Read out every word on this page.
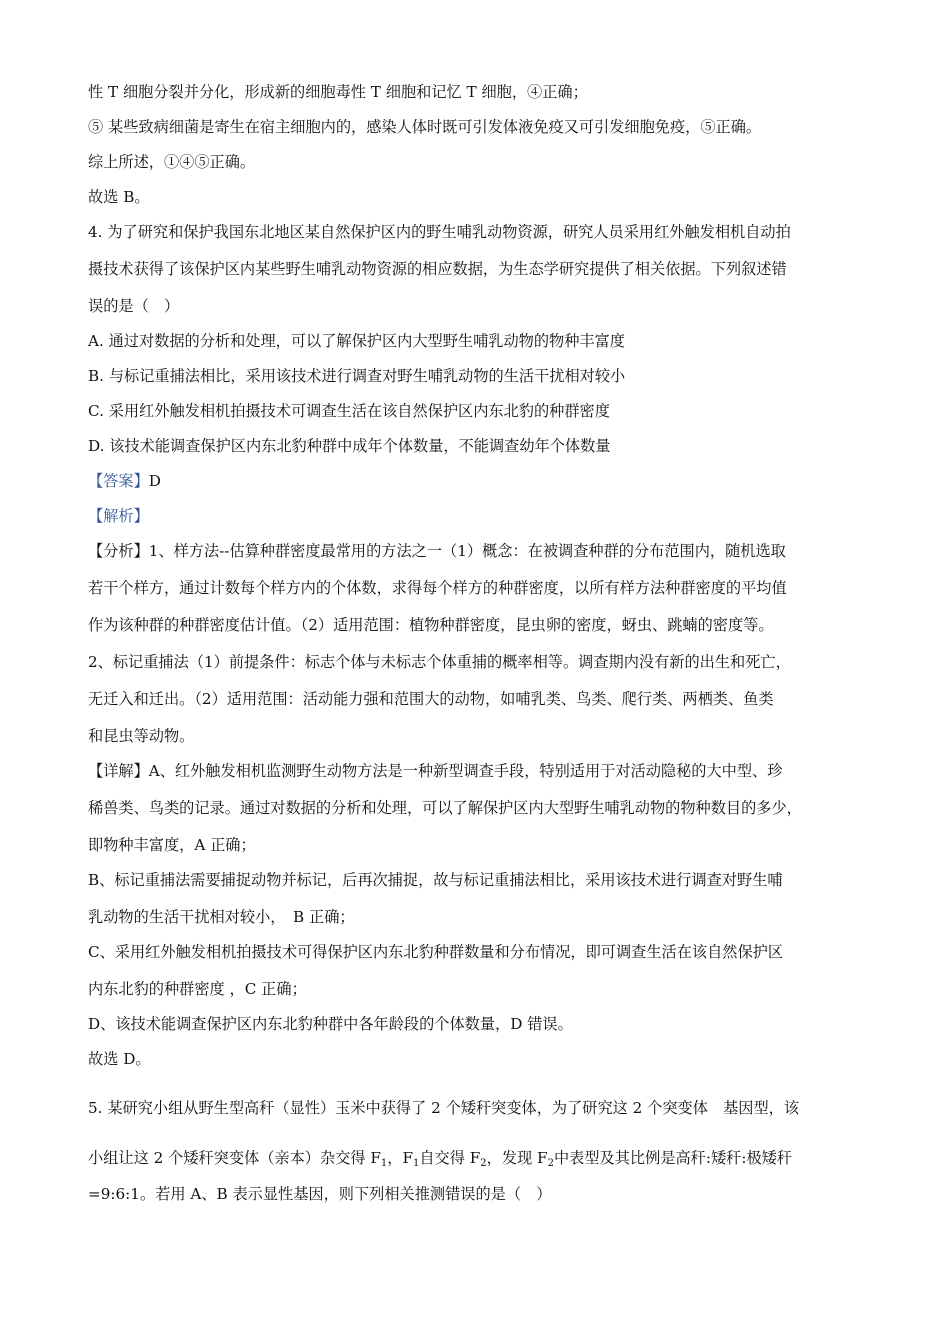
性 T 细胞分裂并分化，形成新的细胞毒性 T 细胞和记忆 T 细胞，④正确；
⑤ 某些致病细菌是寄生在宿主细胞内的，感染人体时既可引发体液免疫又可引发细胞免疫，⑤正确。
综上所述，①④⑤正确。
故选 B。
4. 为了研究和保护我国东北地区某自然保护区内的野生哺乳动物资源，研究人员采用红外触发相机自动拍
摄技术获得了该保护区内某些野生哺乳动物资源的相应数据，为生态学研究提供了相关依据。下列叙述错
误的是（　）
A. 通过对数据的分析和处理，可以了解保护区内大型野生哺乳动物的物种丰富度
B. 与标记重捕法相比，采用该技术进行调查对野生哺乳动物的生活干扰相对较小
C. 采用红外触发相机拍摄技术可调查生活在该自然保护区内东北豹的种群密度
D. 该技术能调查保护区内东北豹种群中成年个体数量，不能调查幼年个体数量
【答案】D
【解析】
【分析】1、样方法--估算种群密度最常用的方法之一（1）概念：在被调查种群的分布范围内，随机选取
若干个样方，通过计数每个样方内的个体数，求得每个样方的种群密度，以所有样方法种群密度的平均值
作为该种群的种群密度估计值。（2）适用范围：植物种群密度，昆虫卵的密度，蚜虫、跳蝻的密度等。
2、标记重捕法（1）前提条件：标志个体与未标志个体重捕的概率相等。调查期内没有新的出生和死亡，
无迁入和迁出。（2）适用范围：活动能力强和范围大的动物，如哺乳类、鸟类、爬行类、两栖类、鱼类
和昆虫等动物。
【详解】A、红外触发相机监测野生动物方法是一种新型调查手段，特别适用于对活动隐秘的大中型、珍
稀兽类、鸟类的记录。通过对数据的分析和处理，可以了解保护区内大型野生哺乳动物的物种数目的多少，
即物种丰富度，A 正确；
B、标记重捕法需要捕捉动物并标记，后再次捕捉，故与标记重捕法相比，采用该技术进行调查对野生哺
乳动物的生活干扰相对较小，　B 正确；
C、采用红外触发相机拍摄技术可得保护区内东北豹种群数量和分布情况，即可调查生活在该自然保护区
内东北豹的种群密度 ，C 正确；
D、该技术能调查保护区内东北豹种群中各年龄段的个体数量，D 错误。
故选 D。
5. 某研究小组从野生型高秆（显性）玉米中获得了 2 个矮秆突变体，为了研究这 2 个突变体　基因型，该
小组让这 2 个矮秆突变体（亲本）杂交得 $F_1$，$F_1$自交得 $F_2$，发现 $F_2$中表型及其比例是高秆:矮秆:极矮秆
=9:6:1。若用 A、B 表示显性基因，则下列相关推测错误的是（　）
